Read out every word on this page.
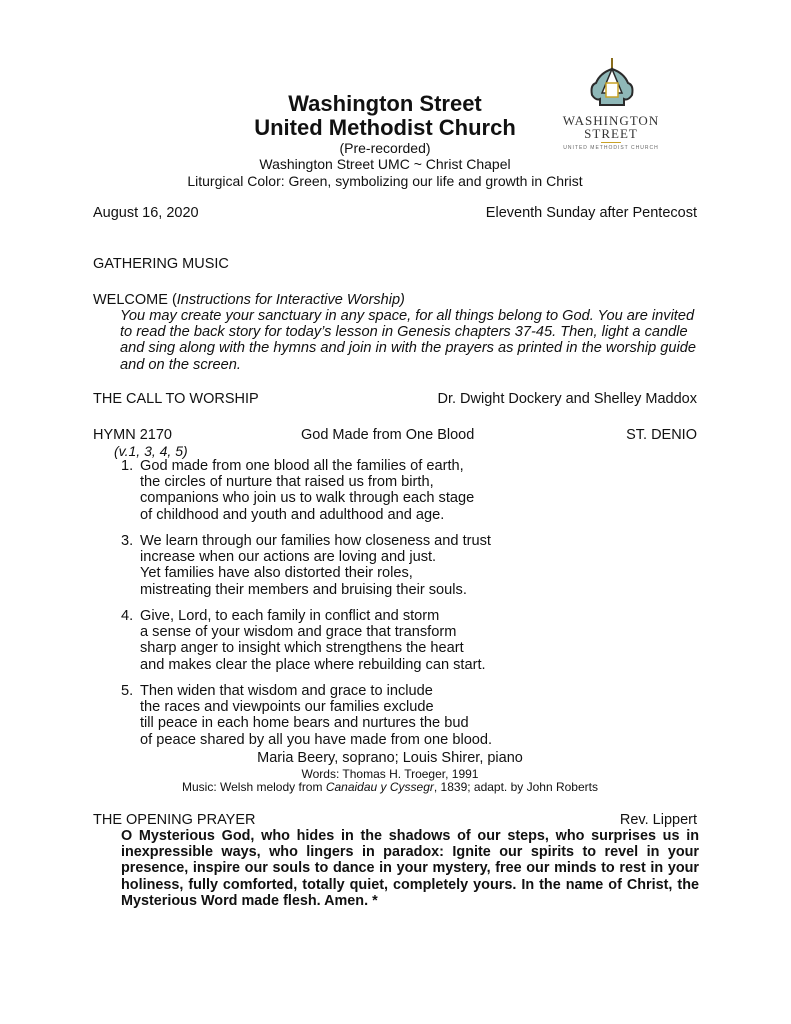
Washington Street
United Methodist Church
(Pre-recorded)
Washington Street UMC ~ Christ Chapel
Liturgical Color: Green, symbolizing our life and growth in Christ
WASHINGTON
STREET
UNITED METHODIST CHURCH
August 16, 2020	Eleventh Sunday after Pentecost
GATHERING MUSIC
WELCOME (Instructions for Interactive Worship)
You may create your sanctuary in any space, for all things belong to God. You are invited to read the back story for today’s lesson in Genesis chapters 37-45. Then, light a candle and sing along with the hymns and join in with the prayers as printed in the worship guide and on the screen.
THE CALL TO WORSHIP	Dr. Dwight Dockery and Shelley Maddox
HYMN 2170	God Made from One Blood	ST. DENIO
(v.1, 3, 4, 5)
1. God made from one blood all the families of earth,
the circles of nurture that raised us from birth,
companions who join us to walk through each stage
of childhood and youth and adulthood and age.
3. We learn through our families how closeness and trust
increase when our actions are loving and just.
Yet families have also distorted their roles,
mistreating their members and bruising their souls.
4. Give, Lord, to each family in conflict and storm
a sense of your wisdom and grace that transform
sharp anger to insight which strengthens the heart
and makes clear the place where rebuilding can start.
5. Then widen that wisdom and grace to include
the races and viewpoints our families exclude
till peace in each home bears and nurtures the bud
of peace shared by all you have made from one blood.
Maria Beery, soprano; Louis Shirer, piano
Words: Thomas H. Troeger, 1991
Music: Welsh melody from Canaidau y Cyssegr, 1839; adapt. by John Roberts
THE OPENING PRAYER	Rev. Lippert
O Mysterious God, who hides in the shadows of our steps, who surprises us in inexpressible ways, who lingers in paradox: Ignite our spirits to revel in your presence, inspire our souls to dance in your mystery, free our minds to rest in your holiness, fully comforted, totally quiet, completely yours. In the name of Christ, the Mysterious Word made flesh. Amen. *
